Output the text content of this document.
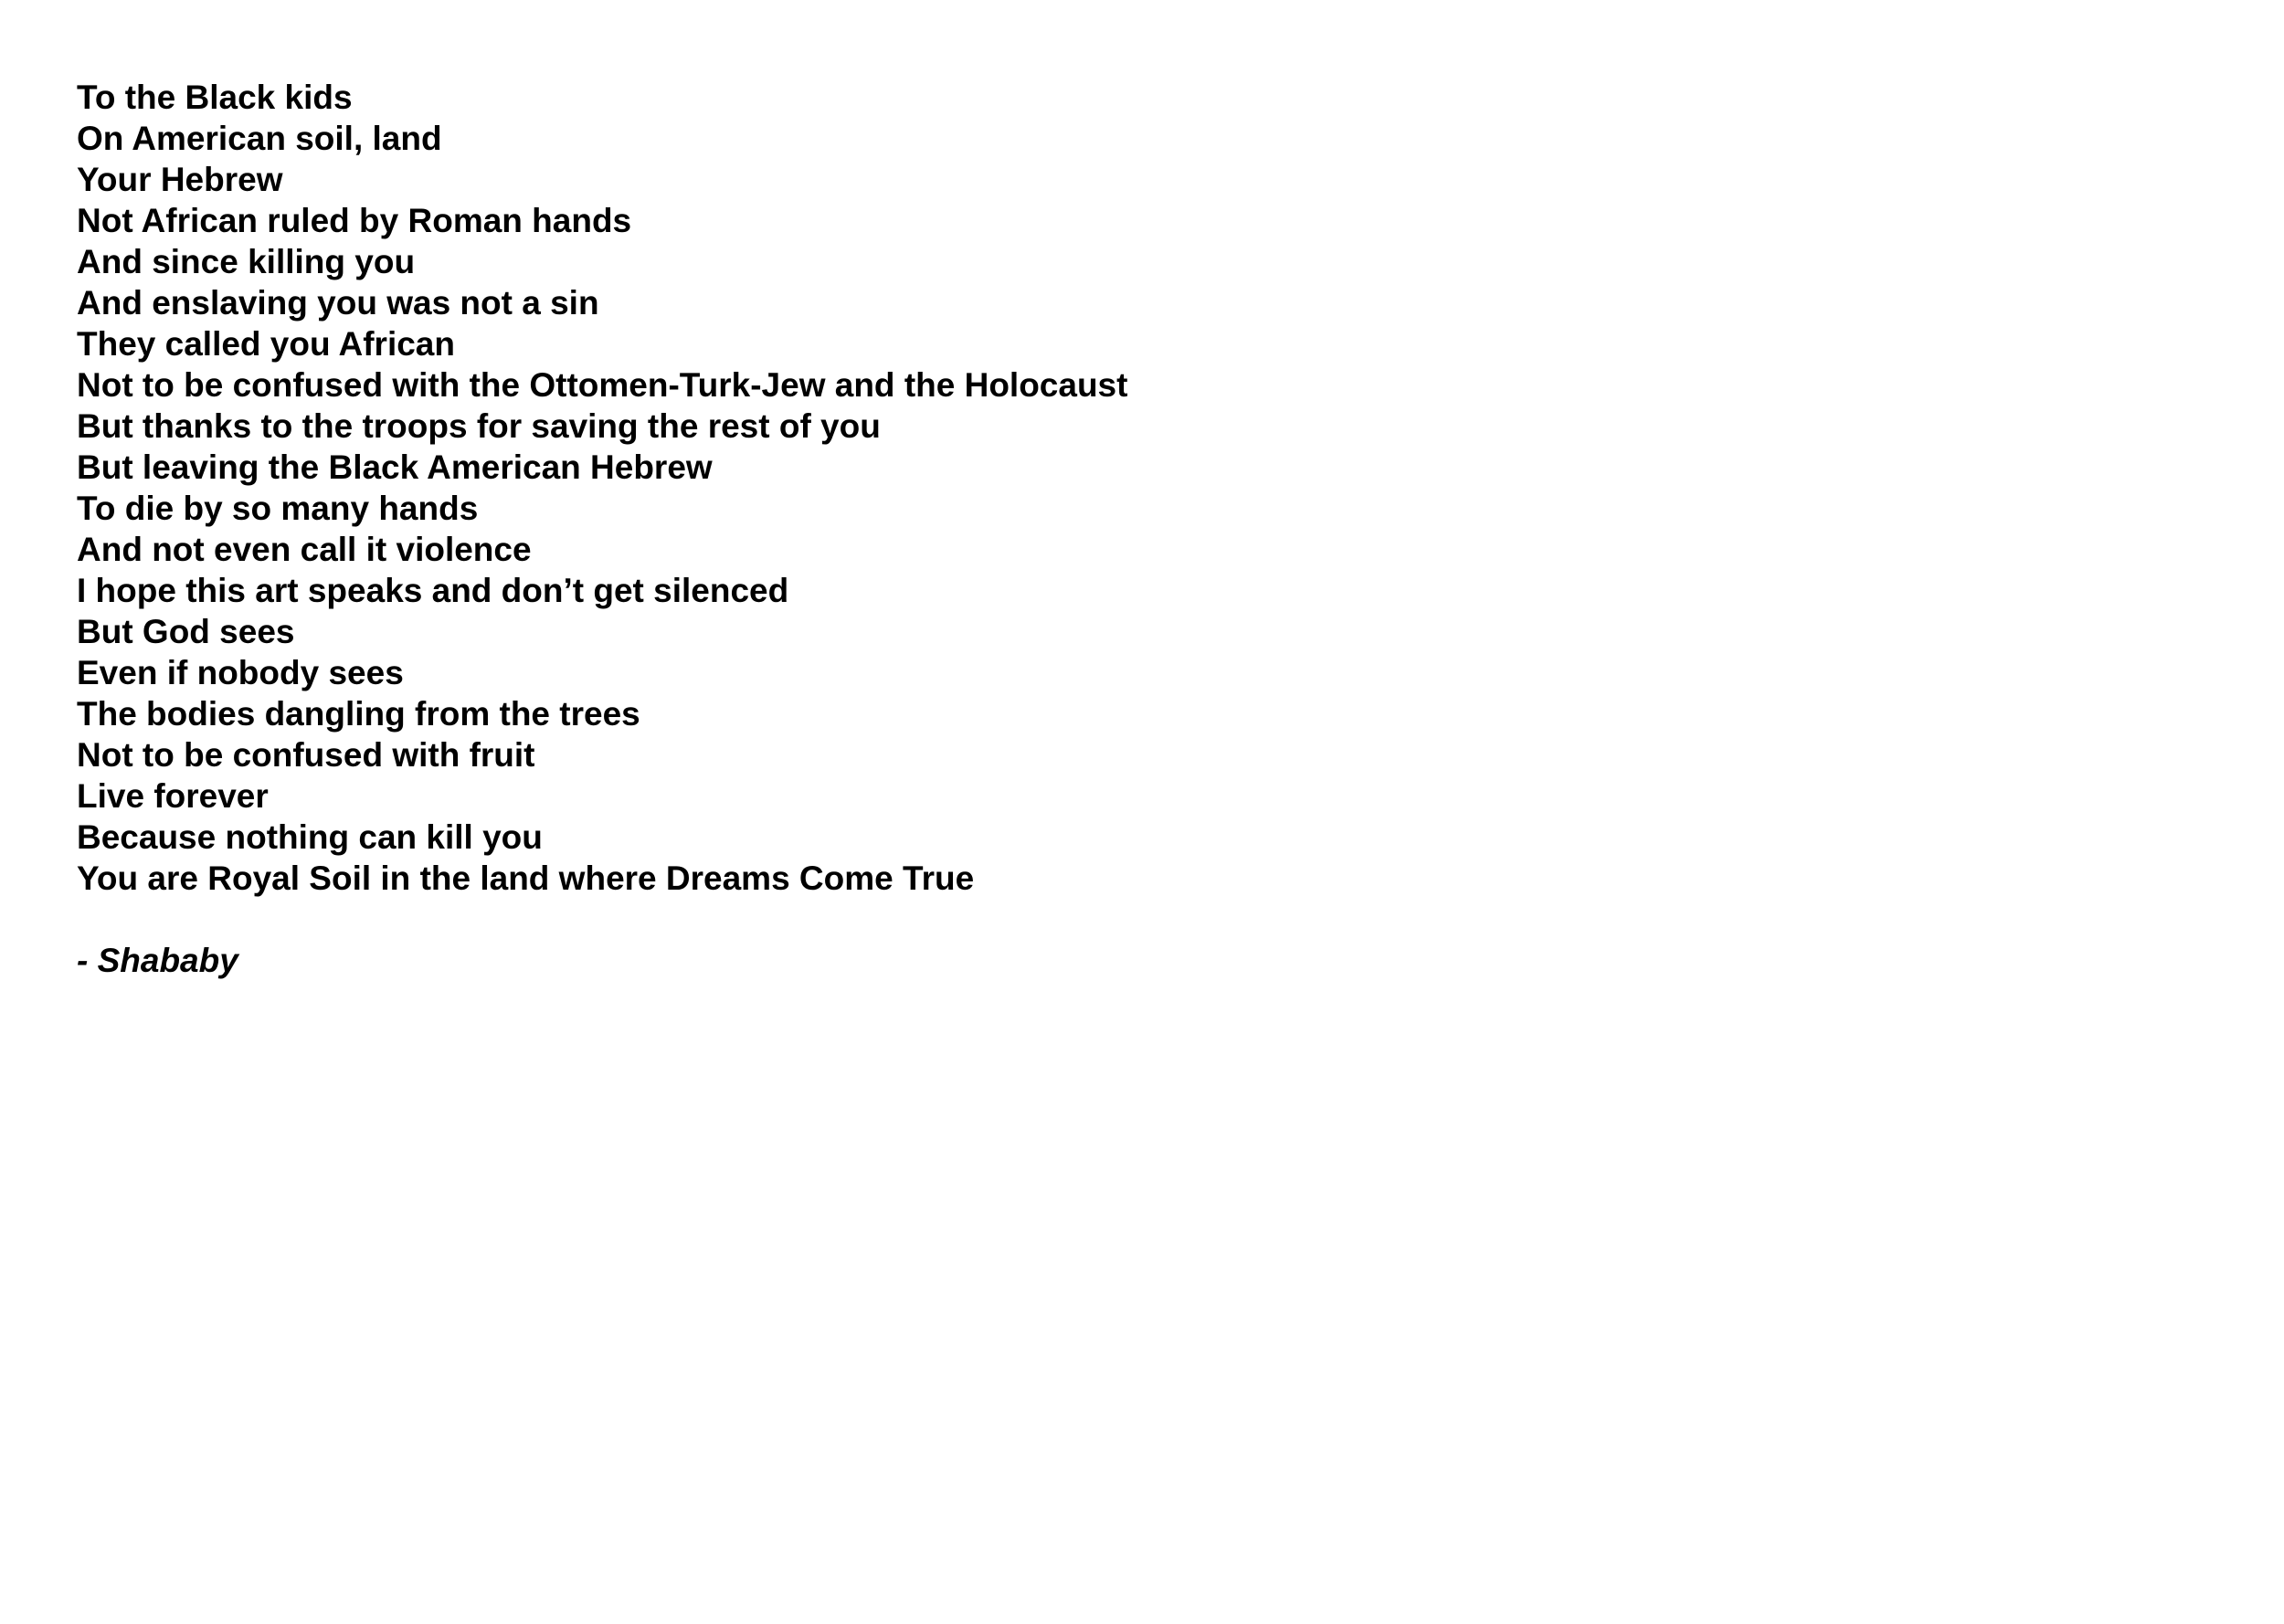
To the Black kids
On American soil, land
Your Hebrew
Not African ruled by Roman hands
And since killing you
And enslaving you was not a sin
They called you African
Not to be confused with the Ottomen-Turk-Jew and the Holocaust
But thanks to the troops for saving the rest of you
But leaving the Black American Hebrew
To die by so many hands
And not even call it violence
I hope this art speaks and don’t get silenced
But God sees
Even if nobody sees
The bodies dangling from the trees
Not to be confused with fruit
Live forever
Because nothing can kill you
You are Royal Soil in the land where Dreams Come True
- Shababy
